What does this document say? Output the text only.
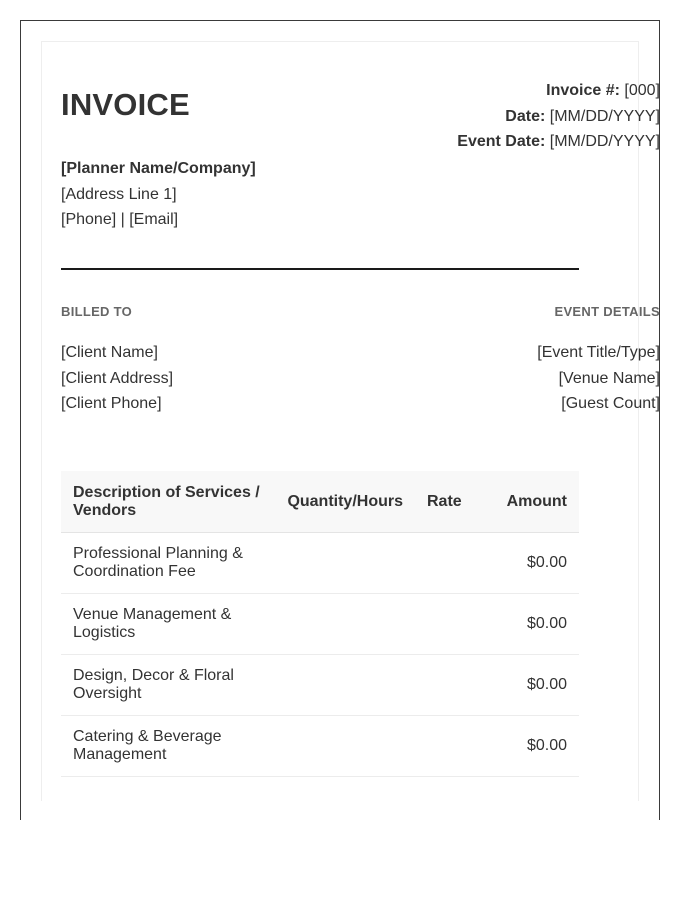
INVOICE	Invoice #: [000]
Date: [MM/DD/YYYY]
Event Date: [MM/DD/YYYY]
[Planner Name/Company]
[Address Line 1]
[Phone] | [Email]
BILLED TO	EVENT DETAILS
[Client Name]
[Client Address]
[Client Phone]
[Event Title/Type]
[Venue Name]
[Guest Count]
Description of Services / Vendors	Quantity/Hours	Rate	Amount
Professional Planning & Coordination Fee			$0.00
Venue Management & Logistics			$0.00
Design, Decor & Floral Oversight			$0.00
Catering & Beverage Management			$0.00
